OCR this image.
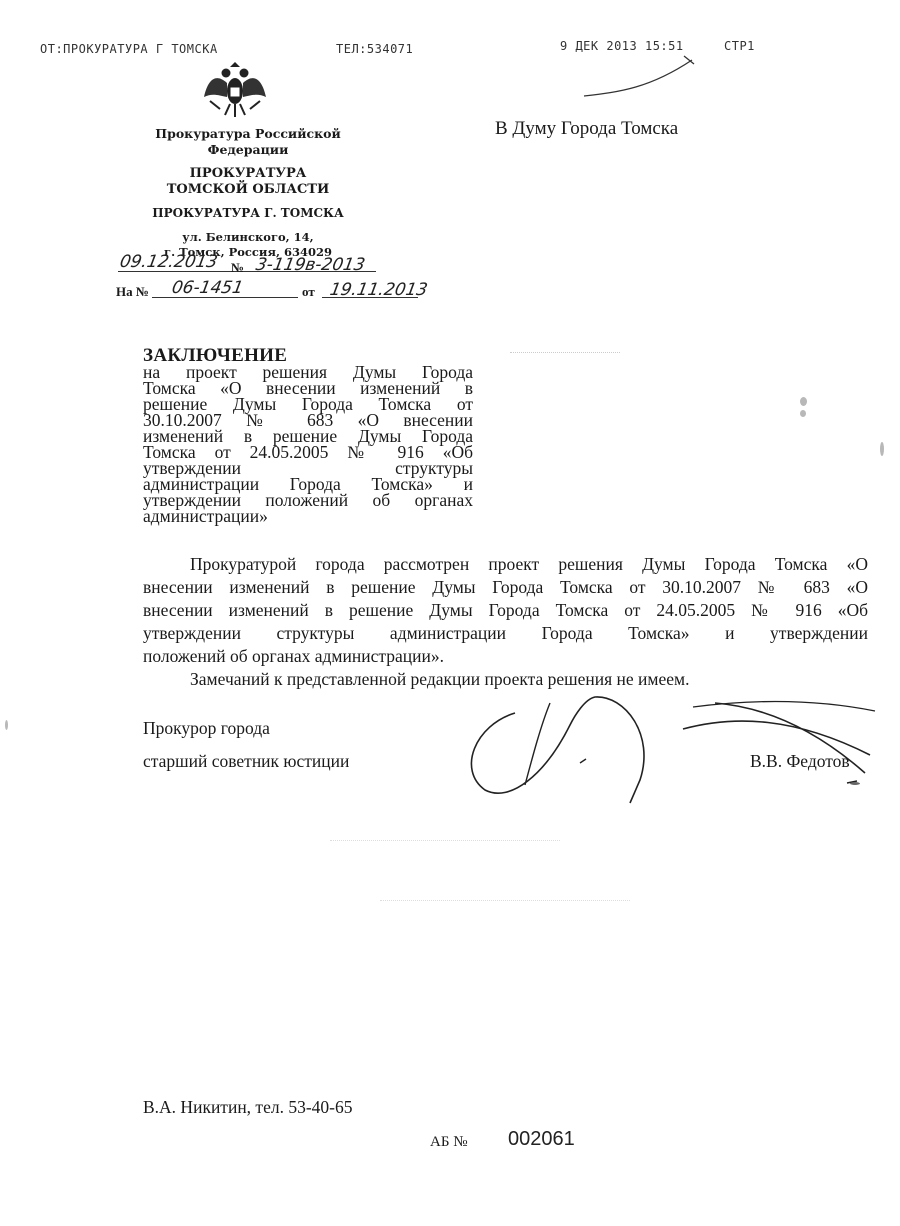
ОТ:ПРОКУРАТУРА Г ТОМСКА	ТЕЛ:534071	9 ДЕК 2013 15:51	СТР1
Прокуратура Российской
Федерации
ПРОКУРАТУРА
ТОМСКОЙ ОБЛАСТИ
ПРОКУРАТУРА Г. ТОМСКА
ул. Белинского, 14,
г. Томск, Россия, 634029
09.12.2013 № 3-119в-2013
На № 06-1451	от 19.11.2013
В Думу Города Томска
ЗАКЛЮЧЕНИЕ
на проект решения Думы Города
Томска «О внесении изменений в
решение Думы Города Томска от
30.10.2007 № 683 «О внесении
изменений в решение Думы Города
Томска от 24.05.2005 № 916 «Об
утверждении структуры
администрации Города Томска» и
утверждении положений об органах
администрации»
Прокуратурой города рассмотрен проект решения Думы Города Томска «О
внесении изменений в решение Думы Города Томска от 30.10.2007 № 683 «О
внесении изменений в решение Думы Города Томска от 24.05.2005 № 916 «Об
утверждении структуры администрации Города Томска» и утверждении
положений об органах администрации».
Замечаний к представленной редакции проекта решения не имеем.
Прокурор города
старший советник юстиции	В.В. Федотов
В.А. Никитин, тел. 53-40-65
АБ № 002061
